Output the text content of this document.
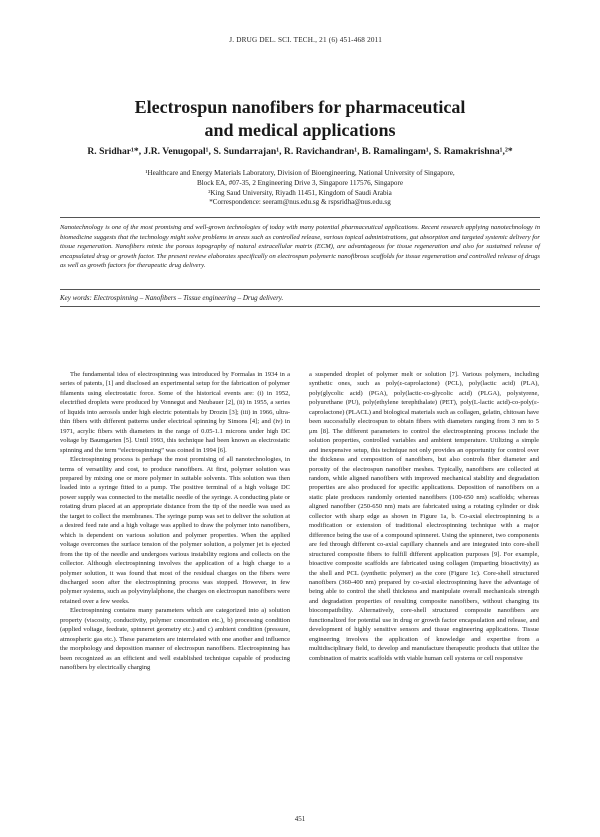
J. DRUG DEL. SCI. TECH., 21 (6) 451-468 2011
Electrospun nanofibers for pharmaceutical
and medical applications
R. Sridhar¹*, J.R. Venugopal¹, S. Sundarrajan¹, R. Ravichandran¹, B. Ramalingam¹, S. Ramakrishna¹,²*
¹Healthcare and Energy Materials Laboratory, Division of Bioengineering, National University of Singapore,
Block EA, #07-35, 2 Engineering Drive 3, Singapore 117576, Singapore
²King Saud University, Riyadh 11451, Kingdom of Saudi Arabia
*Correspondence: seeram@nus.edu.sg & rspsridha@nus.edu.sg

Nanotechnology is one of the most promising and well-grown technologies of today with many potential pharmaceutical applications. Recent research applying nanotechnology in biomedicine suggests that the technology might solve problems in areas such as controlled release, various topical administrations, gut absorption and targeted systemic delivery for tissue regeneration. Nanofibers mimic the porous topography of natural extracellular matrix (ECM), are advantageous for tissue regeneration and also for sustained release of encapsulated drug or growth factor. The present review elaborates specifically on electrospun polymeric nanofibrous scaffolds for tissue regeneration and controlled release of drugs as well as growth factors for therapeutic drug delivery.

Key words: Electrospinning – Nanofibers – Tissue engineering – Drug delivery.

The fundamental idea of electrospinning was introduced by Formalas in 1934 in a series of patents, [1] and disclosed an experimental setup for the fabrication of polymer filaments using electrostatic force. Some of the historical events are: (i) in 1952, electrified droplets were produced by Vonnegut and Neubauer [2], (ii) in 1955, a series of liquids into aerosols under high electric potentials by Drozin [3]; (iii) in 1966, ultra-thin fibers with different patterns under electrical spinning by Simons [4]; and (iv) in 1971, acrylic fibers with diameters in the range of 0.05-1.1 microns under high DC voltage by Baumgarten [5]. Until 1993, this technique had been known as electrostatic spinning and the term “electrospinning” was coined in 1994 [6].

Electrospinning process is perhaps the most promising of all nanotechnologies, in terms of versatility and cost, to produce nanofibers. At first, polymer solution was prepared by mixing one or more polymer in suitable solvents. This solution was then loaded into a syringe fitted to a pump. The positive terminal of a high voltage DC power supply was connected to the metallic needle of the syringe. A conducting plate or rotating drum placed at an appropriate distance from the tip of the needle was used as the target to collect the membranes. The syringe pump was set to deliver the solution at a desired feed rate and a high voltage was applied to draw the polymer into nanofibers, which is dependent on various solution and polymer properties. When the applied voltage overcomes the surface tension of the polymer solution, a polymer jet is ejected from the tip of the needle and undergoes various instability regions and collects on the collector. Although electrospinning involves the application of a high charge to a polymer solution, it was found that most of the residual charges on the fibers were discharged soon after the electrospinning process was stopped. However, in few polymer systems, such as polyvinylalphone, the charges on electrospun nanofibers were retained over a few weeks.

Electrospinning contains many parameters which are categorized into a) solution property (viscosity, conductivity, polymer concentration etc.), b) processing condition (applied voltage, feedrate, spinneret geometry etc.) and c) ambient condition (pressure, atmospheric gas etc.). These parameters are interrelated with one another and influence the morphology and deposition manner of electrospun nanofibers. Electrospinning has been recognized as an efficient and well established technique capable of producing nanofibers by electrically charging

a suspended droplet of polymer melt or solution [7]. Various polymers, including synthetic ones, such as poly(ε-caprolactone) (PCL), poly(lactic acid) (PLA), poly(glycolic acid) (PGA), poly(lactic-co-glycolic acid) (PLGA), polystyrene, polyurethane (PU), poly(ethylene terephthalate) (PET), poly(L-lactic acid)-co-poly(ε-caprolactone) (PLACL) and biological materials such as collagen, gelatin, chitosan have been successfully electrospun to obtain fibers with diameters ranging from 3 nm to 5 μm [8]. The different parameters to control the electrospinning process include the solution properties, controlled variables and ambient temperature. Utilizing a simple and inexpensive setup, this technique not only provides an opportunity for control over the thickness and composition of nanofibers, but also controls fiber diameter and porosity of the electrospun nanofiber meshes. Typically, nanofibers are collected at random, while aligned nanofibers with improved mechanical stability and degradation properties are also produced for specific applications. Deposition of nanofibers on a static plate produces randomly oriented nanofibers (100-650 nm) scaffolds; whereas aligned nanofiber (250-650 nm) mats are fabricated using a rotating cylinder or disk collector with sharp edge as shown in Figure 1a, b. Co-axial electrospinning is a modification or extension of traditional electrospinning technique with a major difference being the use of a compound spinneret. Using the spinneret, two components are fed through different co-axial capillary channels and are integrated into core-shell structured composite fibers to fulfill different application purposes [9]. For example, bioactive composite scaffolds are fabricated using collagen (imparting bioactivity) as the shell and PCL (synthetic polymer) as the core (Figure 1c). Core-shell structured nanofibers (360-400 nm) prepared by co-axial electrospinning have the advantage of being able to control the shell thickness and manipulate overall mechanicals strength and degradation properties of resulting composite nanofibers, without changing its biocompatibility. Alternatively, core-shell structured composite nanofibers are functionalized for potential use in drug or growth factor encapsulation and release, and development of highly sensitive sensors and tissue engineering applications. Tissue engineering involves the application of knowledge and expertise from a multidisciplinary field, to develop and manufacture therapeutic products that utilize the combination of matrix scaffolds with viable human cell systems or cell responsive

451
